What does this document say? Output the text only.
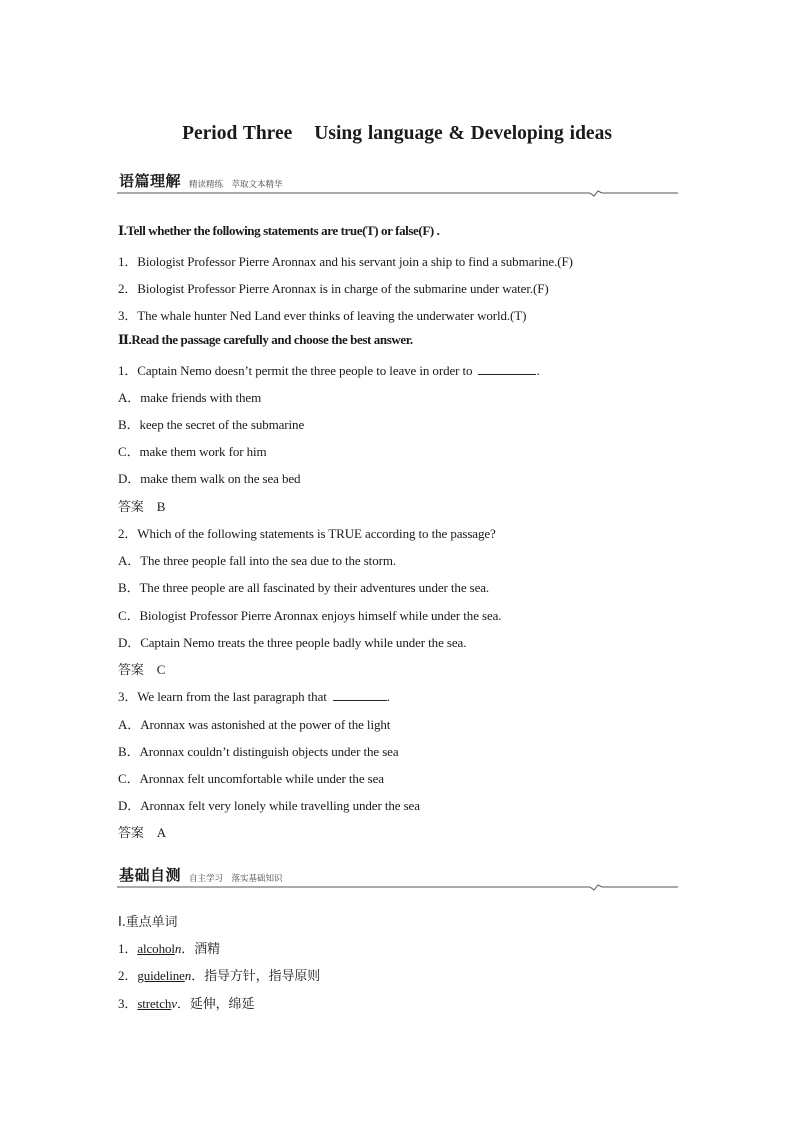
Period Three Using language & Developing ideas
语篇理解 精读精练　萃取文本精华
Ⅰ.Tell whether the following statements are true(T) or false(F) .
1．Biologist Professor Pierre Aronnax and his servant join a ship to find a submarine.(F)
2．Biologist Professor Pierre Aronnax is in charge of the submarine under water.(F)
3．The whale hunter Ned Land ever thinks of leaving the underwater world.(T)
Ⅱ.Read the passage carefully and choose the best answer.
1．Captain Nemo doesn’t permit the three people to leave in order to	.
A．make friends with them
B．keep the secret of the submarine
C．make them work for him
D．make them walk on the sea bed
答案　B
2．Which of the following statements is TRUE according to the passage?
A．The three people fall into the sea due to the storm.
B．The three people are all fascinated by their adventures under the sea.
C．Biologist Professor Pierre Aronnax enjoys himself while under the sea.
D．Captain Nemo treats the three people badly while under the sea.
答案　C
3．We learn from the last paragraph that	.
A．Aronnax was astonished at the power of the light
B．Aronnax couldn’t distinguish objects under the sea
C．Aronnax felt uncomfortable while under the sea
D．Aronnax felt very lonely while travelling under the sea
答案　A
基础自测 自主学习　落实基础知识
Ⅰ.重点单词
1．alcoholn．酒精
2．guidelinen．指导方针，指导原则
3．stretchv．延伸，绵延
